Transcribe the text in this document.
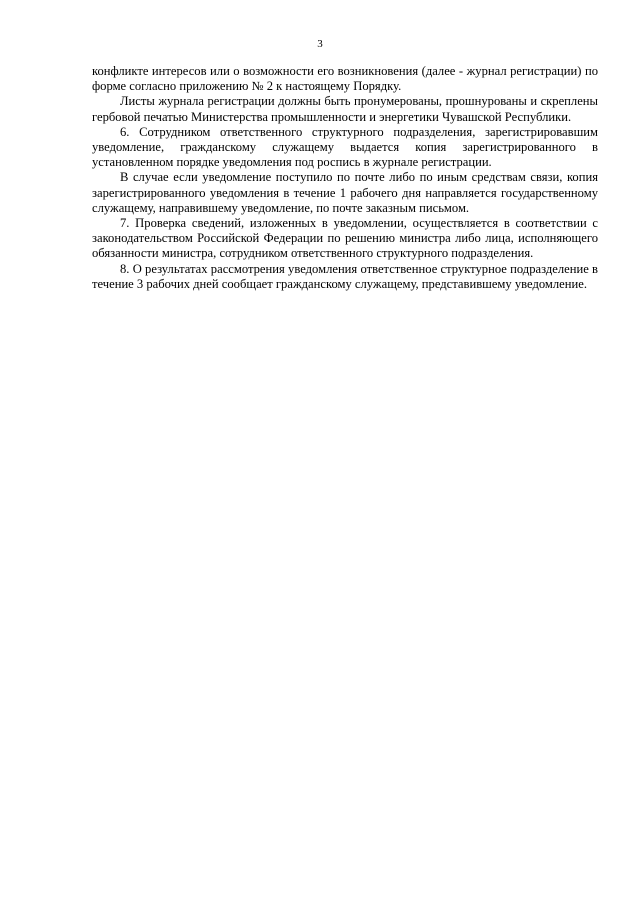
3

конфликте интересов или о возможности его возникновения (далее - журнал регистрации) по форме согласно приложению № 2 к настоящему Порядку.

Листы журнала регистрации должны быть пронумерованы, прошнурованы и скреплены гербовой печатью Министерства промышленности и энергетики Чувашской Республики.

6. Сотрудником ответственного структурного подразделения, зарегистрировавшим уведомление, гражданскому служащему выдается копия зарегистрированного в установленном порядке уведомления под роспись в журнале регистрации.

В случае если уведомление поступило по почте либо по иным средствам связи, копия зарегистрированного уведомления в течение 1 рабочего дня направляется государственному служащему, направившему уведомление, по почте заказным письмом.

7. Проверка сведений, изложенных в уведомлении, осуществляется в соответствии с законодательством Российской Федерации по решению министра либо лица, исполняющего обязанности министра, сотрудником ответственного структурного подразделения.

8. О результатах рассмотрения уведомления ответственное структурное подразделение в течение 3 рабочих дней сообщает гражданскому служащему, представившему уведомление.
